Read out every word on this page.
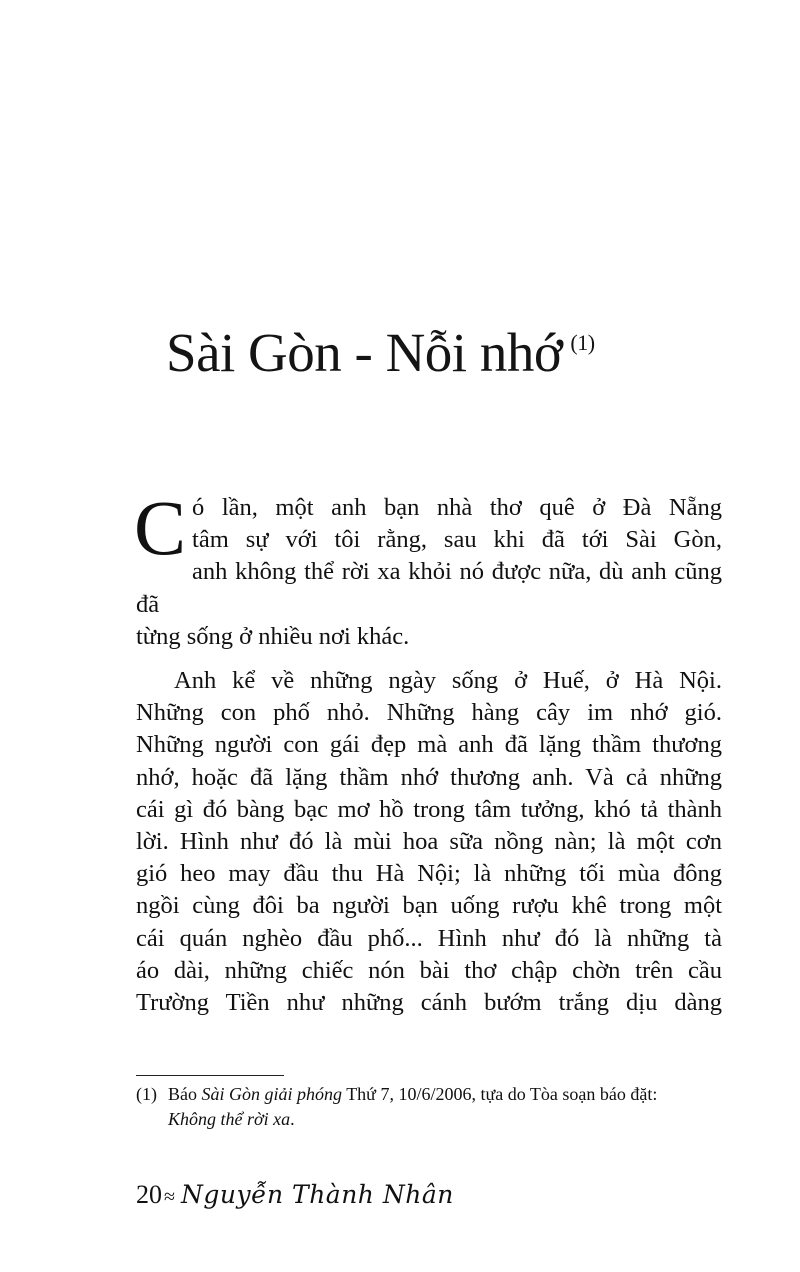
Sài Gòn - Nỗi nhớ $^{(1)}$

C ó lần, một anh bạn nhà thơ quê ở Đà Nẵng
tâm sự với tôi rằng, sau khi đã tới Sài Gòn,
anh không thể rời xa khỏi nó được nữa, dù anh cũng đã
từng sống ở nhiều nơi khác.

Anh kể về những ngày sống ở Huế, ở Hà Nội.
Những con phố nhỏ. Những hàng cây im nhớ gió.
Những người con gái đẹp mà anh đã lặng thầm thương
nhớ, hoặc đã lặng thầm nhớ thương anh. Và cả những
cái gì đó bàng bạc mơ hồ trong tâm tưởng, khó tả thành
lời. Hình như đó là mùi hoa sữa nồng nàn; là một cơn
gió heo may đầu thu Hà Nội; là những tối mùa đông
ngồi cùng đôi ba người bạn uống rượu khê trong một
cái quán nghèo đầu phố... Hình như đó là những tà
áo dài, những chiếc nón bài thơ chập chờn trên cầu
Trường Tiền như những cánh bướm trắng dịu dàng

(1) Báo Sài Gòn giải phóng Thứ 7, 10/6/2006, tựa do Tòa soạn báo đặt:
Không thể rời xa.
20 ≈ Nguyễn Thành Nhân
